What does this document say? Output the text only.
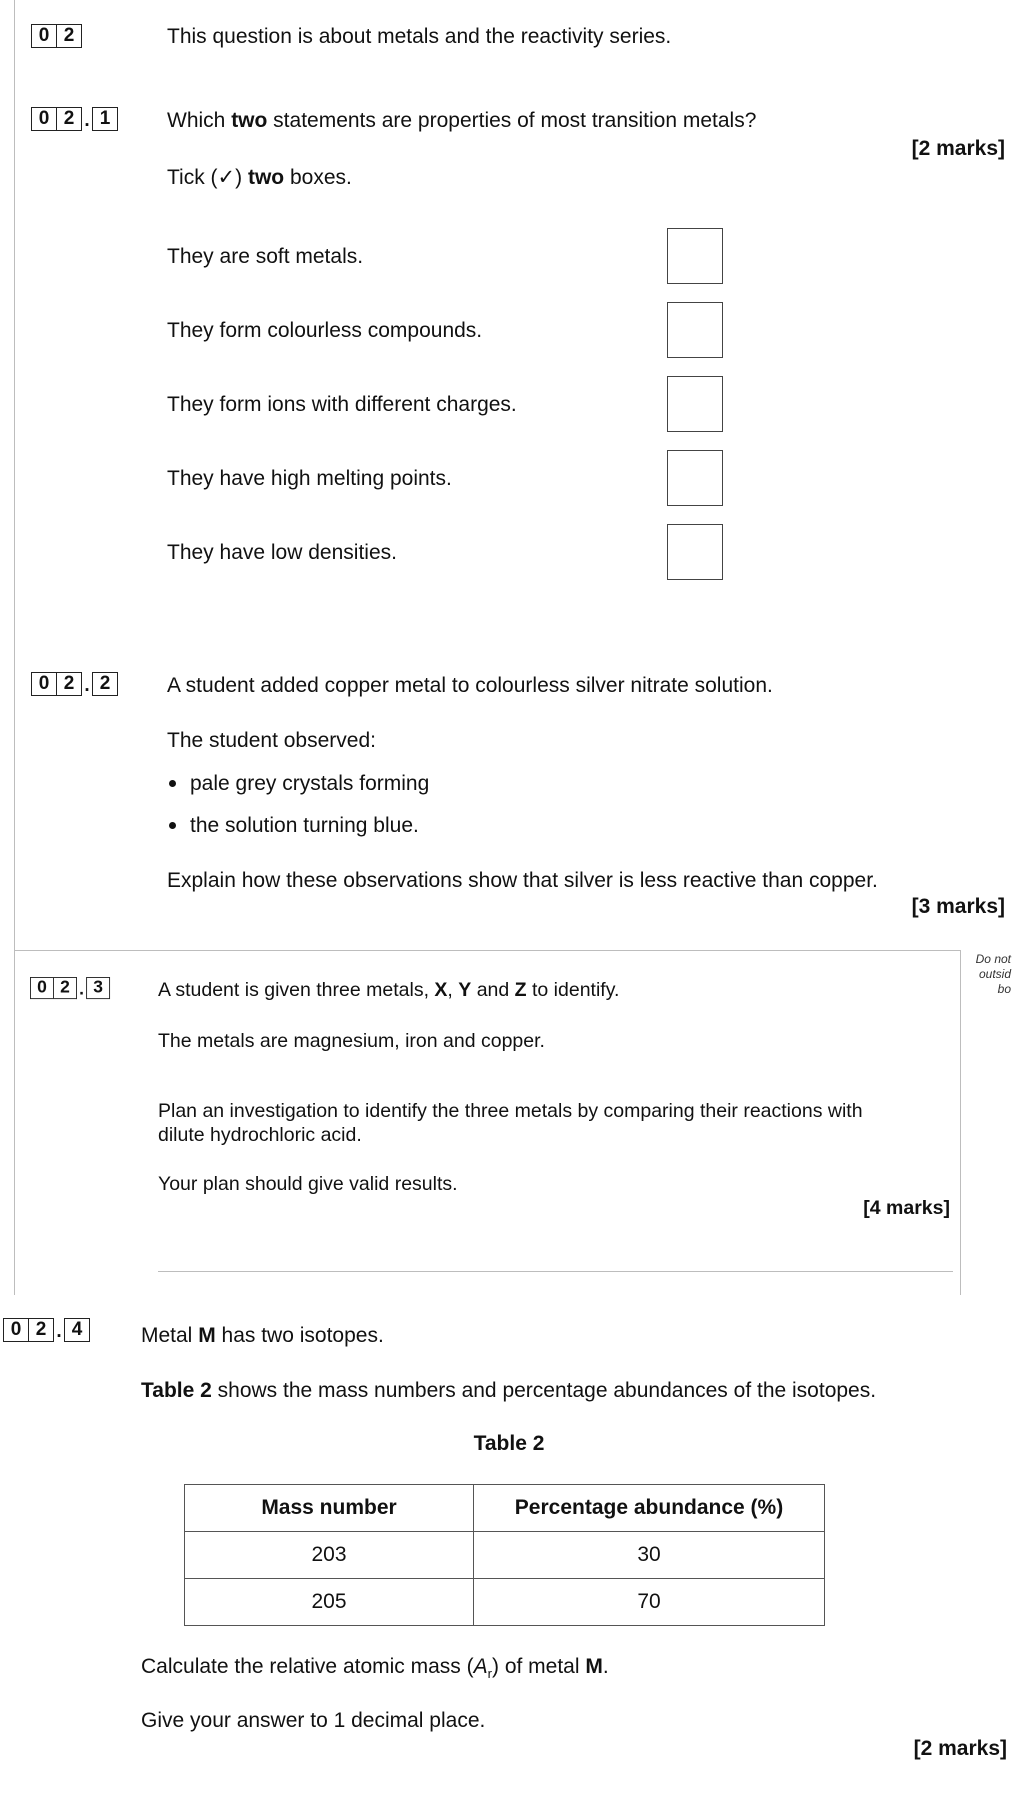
0 2	This question is about metals and the reactivity series.
0 2 . 1	Which two statements are properties of most transition metals?
[2 marks]
Tick (✓) two boxes.
They are soft metals.
They form colourless compounds.
They form ions with different charges.
They have high melting points.
They have low densities.
0 2 . 2	A student added copper metal to colourless silver nitrate solution.
The student observed:
pale grey crystals forming
the solution turning blue.
Explain how these observations show that silver is less reactive than copper.
[3 marks]
Do not
outsid
bo
0 2 . 3	A student is given three metals, X, Y and Z to identify.
The metals are magnesium, iron and copper.
Plan an investigation to identify the three metals by comparing their reactions with
dilute hydrochloric acid.
Your plan should give valid results.
[4 marks]
0 2 . 4	Metal M has two isotopes.
Table 2 shows the mass numbers and percentage abundances of the isotopes.
Table 2
Mass number	Percentage abundance (%)
203	30
205	70
Calculate the relative atomic mass $(A_r)$ of metal M.
Give your answer to 1 decimal place.
[2 marks]
